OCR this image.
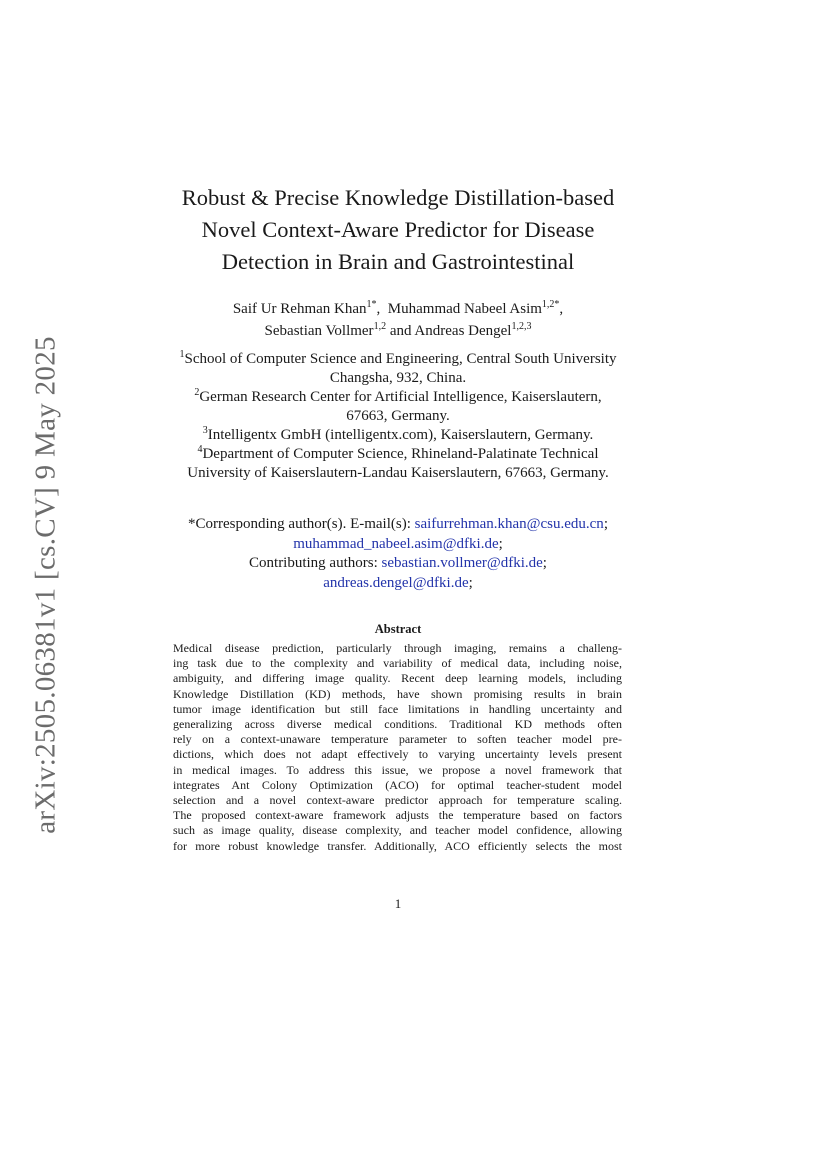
arXiv:2505.06381v1 [cs.CV] 9 May 2025
Robust & Precise Knowledge Distillation-based
Novel Context-Aware Predictor for Disease
Detection in Brain and Gastrointestinal
Saif Ur Rehman Khan$^{1*}$,  Muhammad Nabeel Asim$^{1,2*}$,
Sebastian Vollmer$^{1,2}$ and Andreas Dengel$^{1,2,3}$
$^1$School of Computer Science and Engineering, Central South University
Changsha, 932, China.
$^2$German Research Center for Artificial Intelligence, Kaiserslautern,
67663, Germany.
$^3$Intelligentx GmbH (intelligentx.com), Kaiserslautern, Germany.
$^4$Department of Computer Science, Rhineland-Palatinate Technical
University of Kaiserslautern-Landau Kaiserslautern, 67663, Germany.
*Corresponding author(s). E-mail(s): saifurrehman.khan@csu.edu.cn;
muhammad_nabeel.asim@dfki.de;
Contributing authors: sebastian.vollmer@dfki.de;
andreas.dengel@dfki.de;
Abstract
Medical disease prediction, particularly through imaging, remains a challeng-
ing task due to the complexity and variability of medical data, including noise,
ambiguity, and differing image quality. Recent deep learning models, including
Knowledge Distillation (KD) methods, have shown promising results in brain
tumor image identification but still face limitations in handling uncertainty and
generalizing across diverse medical conditions. Traditional KD methods often
rely on a context-unaware temperature parameter to soften teacher model pre-
dictions, which does not adapt effectively to varying uncertainty levels present
in medical images. To address this issue, we propose a novel framework that
integrates Ant Colony Optimization (ACO) for optimal teacher-student model
selection and a novel context-aware predictor approach for temperature scaling.
The proposed context-aware framework adjusts the temperature based on factors
such as image quality, disease complexity, and teacher model confidence, allowing
for more robust knowledge transfer. Additionally, ACO efficiently selects the most
1
